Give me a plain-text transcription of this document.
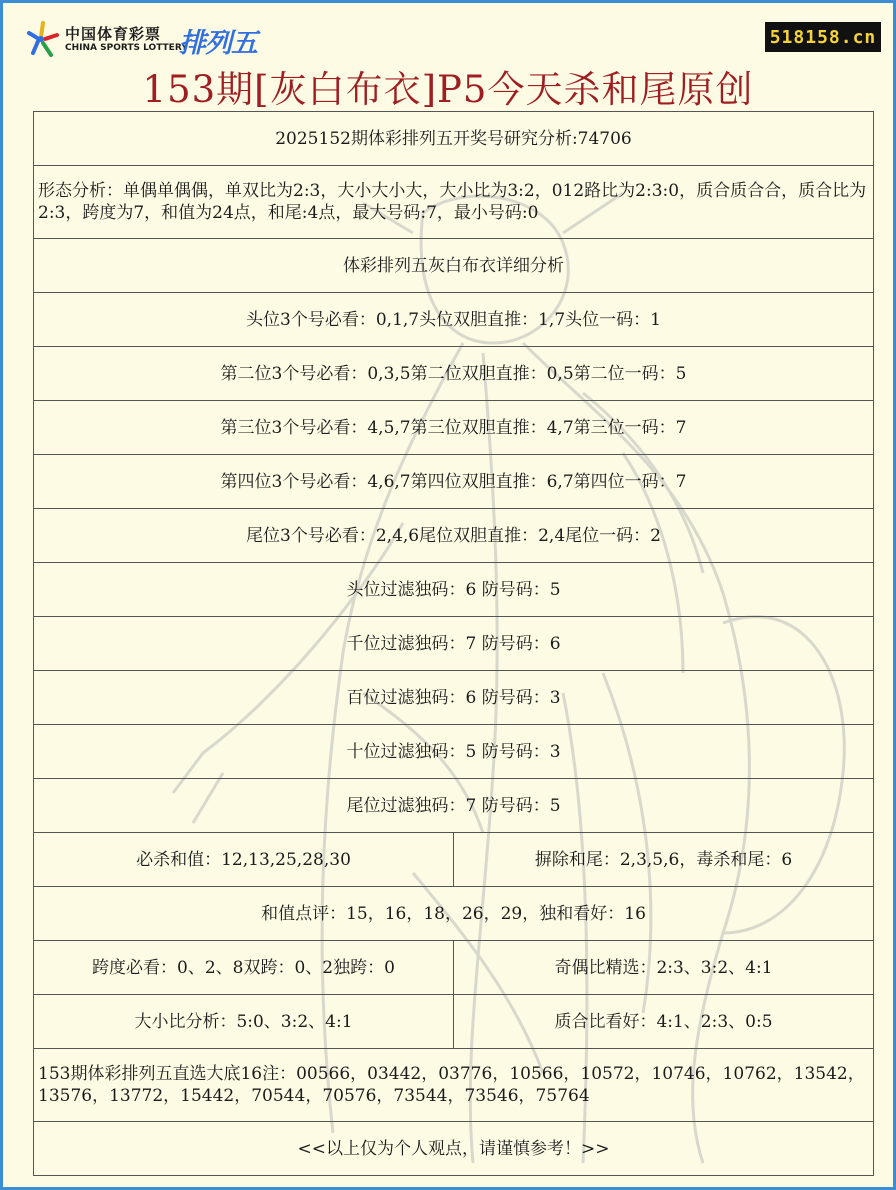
中国体育彩票
CHINA SPORTS LOTTERY
排列五	518158.cn
153期[灰白布衣]P5今天杀和尾原创
2025152期体彩排列五开奖号研究分析:74706
形态分析：单偶单偶偶，单双比为2:3，大小大小大，大小比为3:2，012路比为2:3:0，质合质合合，质合比为2:3，跨度为7，和值为24点，和尾:4点，最大号码:7，最小号码:0
体彩排列五灰白布衣详细分析
头位3个号必看：0,1,7头位双胆直推：1,7头位一码：1
第二位3个号必看：0,3,5第二位双胆直推：0,5第二位一码：5
第三位3个号必看：4,5,7第三位双胆直推：4,7第三位一码：7
第四位3个号必看：4,6,7第四位双胆直推：6,7第四位一码：7
尾位3个号必看：2,4,6尾位双胆直推：2,4尾位一码：2
头位过滤独码：6 防号码：5
千位过滤独码：7 防号码：6
百位过滤独码：6 防号码：3
十位过滤独码：5 防号码：3
尾位过滤独码：7 防号码：5
必杀和值：12,13,25,28,30	摒除和尾：2,3,5,6，毒杀和尾：6
和值点评：15，16，18，26，29，独和看好：16
跨度必看：0、2、8双跨：0、2独跨：0	奇偶比精选：2:3、3:2、4:1
大小比分析：5:0、3:2、4:1	质合比看好：4:1、2:3、0:5
153期体彩排列五直选大底16注：00566，03442，03776，10566，10572，10746，10762，13542，13576，13772，15442，70544，70576，73544，73546，75764
<<以上仅为个人观点，请谨慎参考！>>
